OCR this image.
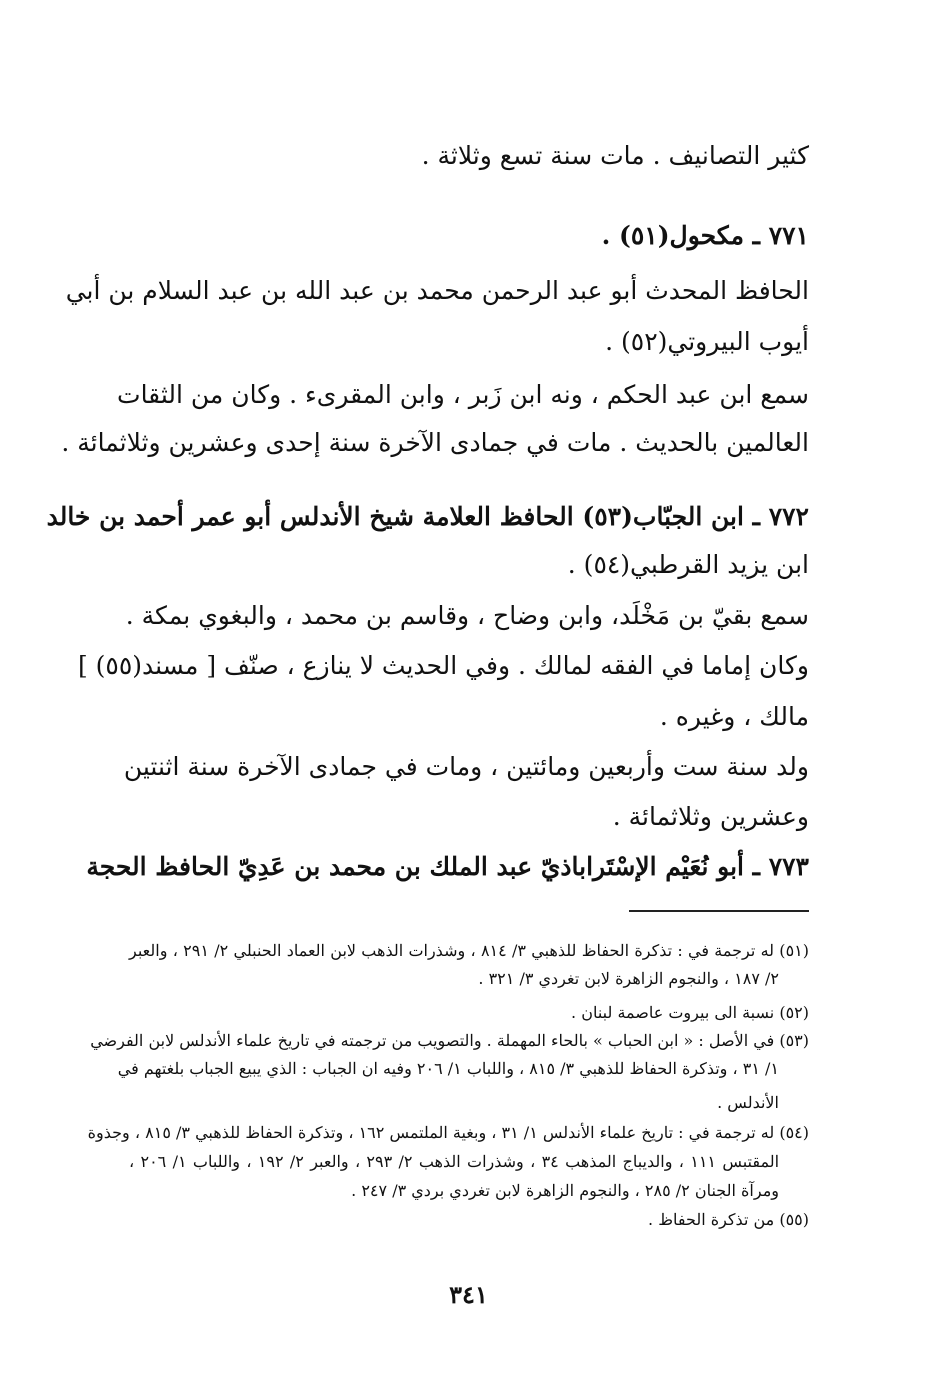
كثير التصانيف . مات سنة تسع وثلاثة .
٧٧١ ـ مكحول(٥١) .
الحافظ المحدث أبو عبد الرحمن محمد بن عبد الله بن عبد السلام بن أبي
أيوب البيروتي(٥٢) .
سمع ابن عبد الحكم ، ونه ابن زَبر ، وابن المقرىء . وكان من الثقات
العالمين بالحديث . مات في جمادى الآخرة سنة إحدى وعشرين وثلاثمائة .
٧٧٢ ـ ابن الجبّاب(٥٣) الحافظ العلامة شيخ الأندلس أبو عمر أحمد بن خالد
ابن يزيد القرطبي(٥٤) .
سمع بقيّ بن مَخْلَد، وابن وضاح ، وقاسم بن محمد ، والبغوي بمكة .
وكان إماما في الفقه لمالك . وفي الحديث لا ينازع ، صنّف [ مسند(٥٥) ]
مالك ، وغيره .
ولد سنة ست وأربعين ومائتين ، ومات في جمادى الآخرة سنة اثنتين
وعشرين وثلاثمائة .
٧٧٣ ـ أبو نُعَيْم الإسْتَراباذيّ عبد الملك بن محمد بن عَدِيّ الحافظ الحجة
(٥١) له ترجمة في : تذكرة الحفاظ للذهبي ٣/ ٨١٤ ، وشذرات الذهب لابن العماد الحنبلي ٢/ ٢٩١ ، والعبر
٢/ ١٨٧ ، والنجوم الزاهرة لابن تغردي ٣/ ٣٢١ .
(٥٢) نسبة الى بيروت عاصمة لبنان .
(٥٣) في الأصل : « ابن الحباب » بالحاء المهملة . والتصويب من ترجمته في تاريخ علماء الأندلس لابن الفرضي
١/ ٣١ ، وتذكرة الحفاظ للذهبي ٣/ ٨١٥ ، واللباب ١/ ٢٠٦ وفيه ان الجباب : الذي يبيع الجباب بلغتهم في
الأندلس .
(٥٤) له ترجمة في : تاريخ علماء الأندلس ١/ ٣١ ، وبغية الملتمس ١٦٢ ، وتذكرة الحفاظ للذهبي ٣/ ٨١٥ ، وجذوة
المقتبس ١١١ ، والديباج المذهب ٣٤ ، وشذرات الذهب ٢/ ٢٩٣ ، والعبر ٢/ ١٩٢ ، واللباب ١/ ٢٠٦ ،
ومرآة الجنان ٢/ ٢٨٥ ، والنجوم الزاهرة لابن تغردي بردي ٣/ ٢٤٧ .
(٥٥) من تذكرة الحفاظ .
٣٤١
